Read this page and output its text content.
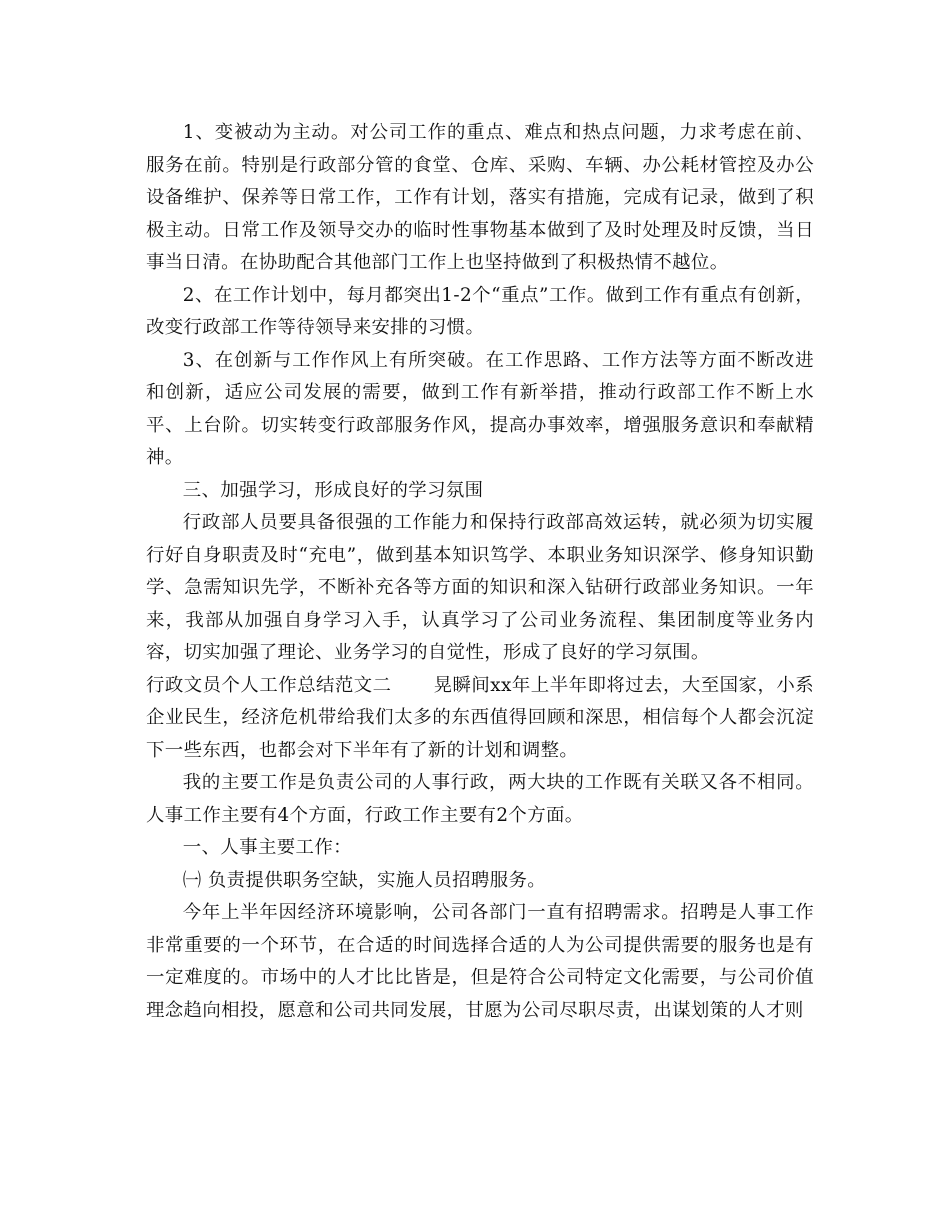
1、变被动为主动。对公司工作的重点、难点和热点问题，力求考虑在前、服务在前。特别是行政部分管的食堂、仓库、采购、车辆、办公耗材管控及办公设备维护、保养等日常工作，工作有计划，落实有措施，完成有记录，做到了积极主动。日常工作及领导交办的临时性事物基本做到了及时处理及时反馈，当日事当日清。在协助配合其他部门工作上也坚持做到了积极热情不越位。

2、在工作计划中，每月都突出1-2个“重点”工作。做到工作有重点有创新，改变行政部工作等待领导来安排的习惯。

3、在创新与工作作风上有所突破。在工作思路、工作方法等方面不断改进和创新，适应公司发展的需要，做到工作有新举措，推动行政部工作不断上水平、上台阶。切实转变行政部服务作风，提高办事效率，增强服务意识和奉献精神。

三、加强学习，形成良好的学习氛围

行政部人员要具备很强的工作能力和保持行政部高效运转，就必须为切实履行好自身职责及时“充电”，做到基本知识笃学、本职业务知识深学、修身知识勤学、急需知识先学，不断补充各等方面的知识和深入钻研行政部业务知识。一年来，我部从加强自身学习入手，认真学习了公司业务流程、集团制度等业务内容，切实加强了理论、业务学习的自觉性，形成了良好的学习氛围。

行政文员个人工作总结范文二 晃瞬间xx年上半年即将过去，大至国家，小系企业民生，经济危机带给我们太多的东西值得回顾和深思，相信每个人都会沉淀下一些东西，也都会对下半年有了新的计划和调整。

我的主要工作是负责公司的人事行政，两大块的工作既有关联又各不相同。人事工作主要有4个方面，行政工作主要有2个方面。

一、人事主要工作：

㈠ 负责提供职务空缺，实施人员招聘服务。

今年上半年因经济环境影响，公司各部门一直有招聘需求。招聘是人事工作非常重要的一个环节，在合适的时间选择合适的人为公司提供需要的服务也是有一定难度的。市场中的人才比比皆是，但是符合公司特定文化需要，与公司价值理念趋向相投，愿意和公司共同发展，甘愿为公司尽职尽责，出谋划策的人才则
